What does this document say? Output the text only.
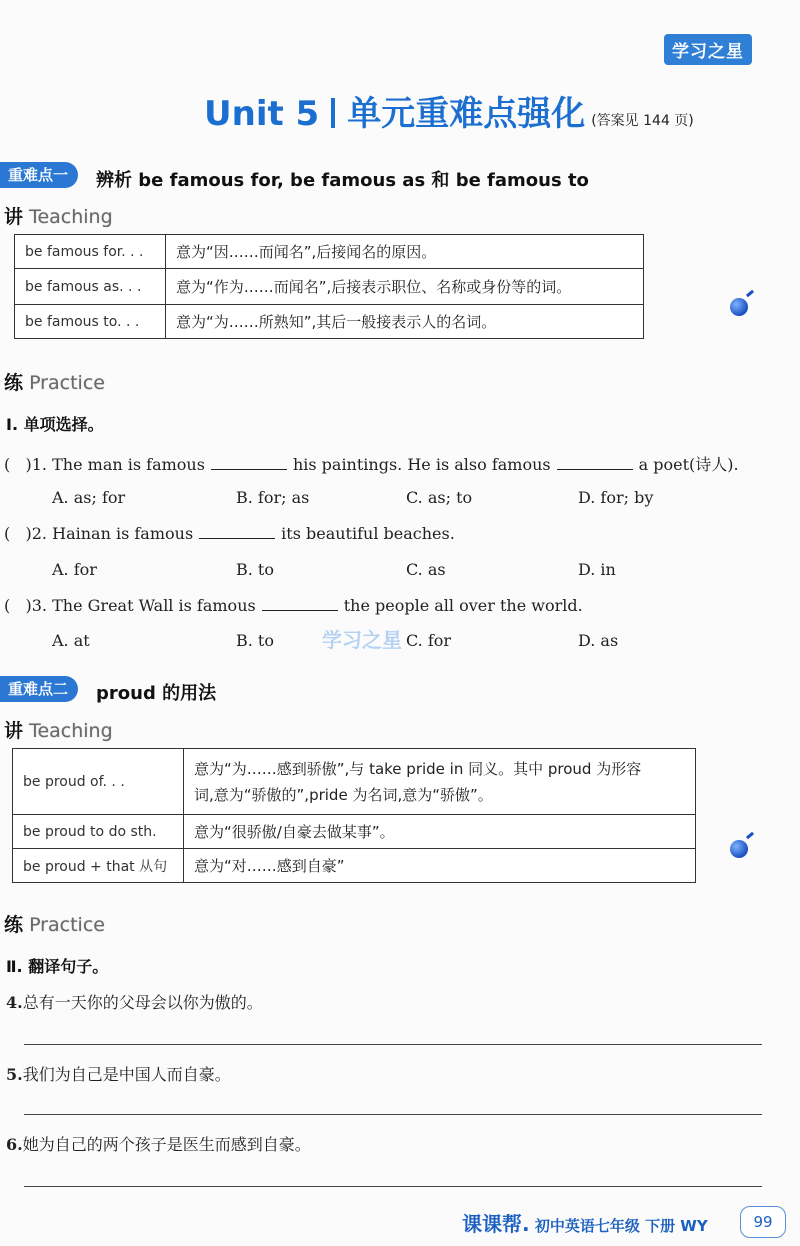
学习之星
Unit 5 单元重难点强化 (答案见 144 页)
重难点一	辨析 be famous for, be famous as 和 be famous to
讲 Teaching
be famous for. . .	意为“因……而闻名”,后接闻名的原因。
be famous as. . .	意为“作为……而闻名”,后接表示职位、名称或身份等的词。
be famous to. . .	意为“为……所熟知”,其后一般接表示人的名词。
练 Practice
Ⅰ. 单项选择。
(   )1. The man is famous	his paintings. He is also famous	a poet(诗人).
A. as; for	B. for; as	C. as; to	D. for; by
(   )2. Hainan is famous	its beautiful beaches.
A. for	B. to	C. as	D. in
(   )3. The Great Wall is famous	the people all over the world.
A. at	B. to	C. for	D. as
学习之星
重难点二	proud 的用法
讲 Teaching
be proud of. . .	意为“为……感到骄傲”,与 take pride in 同义。其中 proud 为形容
词,意为“骄傲的”,pride 为名词,意为“骄傲”。

be proud to do sth.	意为“很骄傲/自豪去做某事”。
be proud + that 从句	意为“对……感到自豪”
练 Practice
Ⅱ. 翻译句子。
4.总有一天你的父母会以你为傲的。
5.我们为自己是中国人而自豪。
6.她为自己的两个孩子是医生而感到自豪。
课课帮. 初中英语七年级 下册 WY	99
